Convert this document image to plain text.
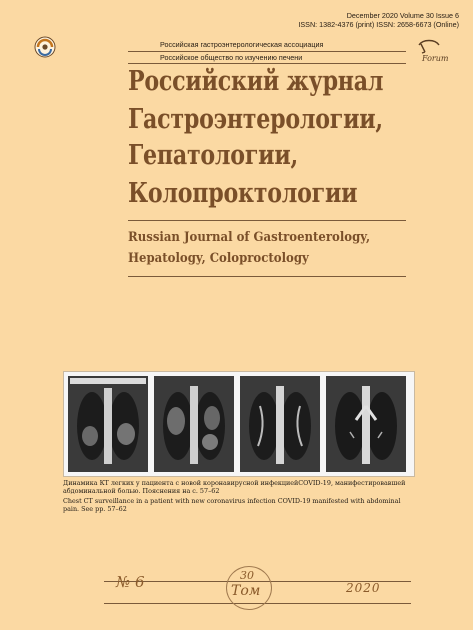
December 2020 Volume 30 Issue 6
ISSN: 1382-4376 (print) ISSN: 2658-6673 (Online)
Российская гастроэнтерологическая ассоциация
Российское общество по изучению печени	Forum
Российский журнал
Гастроэнтерологии,
Гепатологии,
Колопроктологии
Russian Journal of Gastroenterology,
Hepatology, Coloproctology
Динамика КТ легких у пациента с новой коронавирусной инфекциейCOVID-19, манифестировавшей абдоминальной болью. Пояснения на с. 57–62
Chest CT surveillance in a patient with new coronavirus infection COVID-19 manifested with abdominal pain. See pp. 57–62
№ 6	30
Том	2020
